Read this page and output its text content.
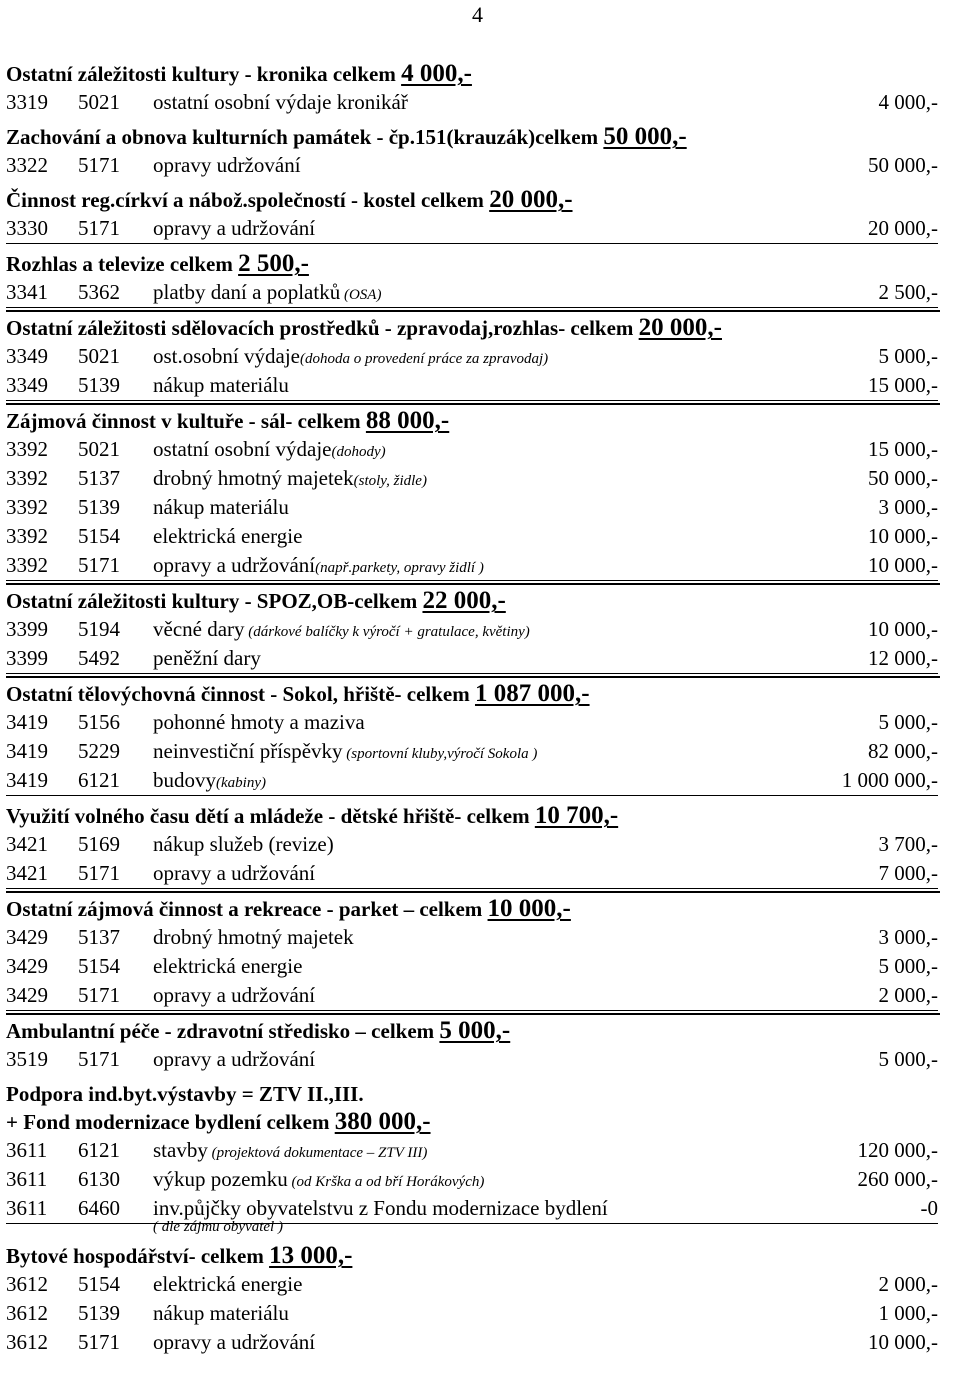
4
Ostatní záležitosti kultury - kronika celkem 4 000,-
3319	5021	ostatní osobní výdaje kronikář	4 000,-
Zachování a obnova kulturních památek - čp.151(krauzák)celkem 50 000,-
3322	5171	opravy udržování	50 000,-
Činnost reg.církví a nábož.společností - kostel celkem 20 000,-
3330	5171	opravy a udržování	20 000,-
Rozhlas a televize celkem 2 500,-
3341	5362	platby daní a poplatků (OSA)	2 500,-
Ostatní záležitosti sdělovacích prostředků - zpravodaj,rozhlas- celkem 20 000,-
3349	5021	ost.osobní výdaje(dohoda o provedení práce za zpravodaj)	5 000,-
3349	5139	nákup materiálu	15 000,-
Zájmová činnost v kultuře - sál- celkem 88 000,-
3392	5021	ostatní osobní výdaje(dohody)	15 000,-
3392	5137	drobný hmotný majetek(stoly, židle)	50 000,-
3392	5139	nákup materiálu	3 000,-
3392	5154	elektrická energie	10 000,-
3392	5171	opravy a udržování(např.parkety, opravy židlí )	10 000,-
Ostatní záležitosti kultury - SPOZ,OB-celkem 22 000,-
3399	5194	věcné dary (dárkové balíčky k výročí + gratulace, květiny)	10 000,-
3399	5492	peněžní dary	12 000,-
Ostatní tělovýchovná činnost - Sokol, hřiště- celkem 1 087 000,-
3419	5156	pohonné hmoty a maziva	5 000,-
3419	5229	neinvestiční příspěvky (sportovní kluby,výročí Sokola )	82 000,-
3419	6121	budovy(kabiny)	1 000 000,-
Využití volného času dětí a mládeže - dětské hřiště- celkem 10 700,-
3421	5169	nákup služeb (revize)	3 700,-
3421	5171	opravy a udržování	7 000,-
Ostatní zájmová činnost a rekreace - parket – celkem 10 000,-
3429	5137	drobný hmotný majetek	3 000,-
3429	5154	elektrická energie	5 000,-
3429	5171	opravy a udržování	2 000,-
Ambulantní péče - zdravotní středisko – celkem 5 000,-
3519	5171	opravy a udržování	5 000,-
Podpora ind.byt.výstavby = ZTV II.,III.
+ Fond modernizace bydlení celkem 380 000,-
3611	6121	stavby (projektová dokumentace – ZTV III)	120 000,-
3611	6130	výkup pozemku (od Krška a od bří Horákových)	260 000,-
3611	6460	inv.půjčky obyvatelstvu z Fondu modernizace bydlení	-0
( dle zájmu obyvatel )
Bytové hospodářství- celkem 13 000,-
3612	5154	elektrická energie	2 000,-
3612	5139	nákup materiálu	1 000,-
3612	5171	opravy a udržování	10 000,-
